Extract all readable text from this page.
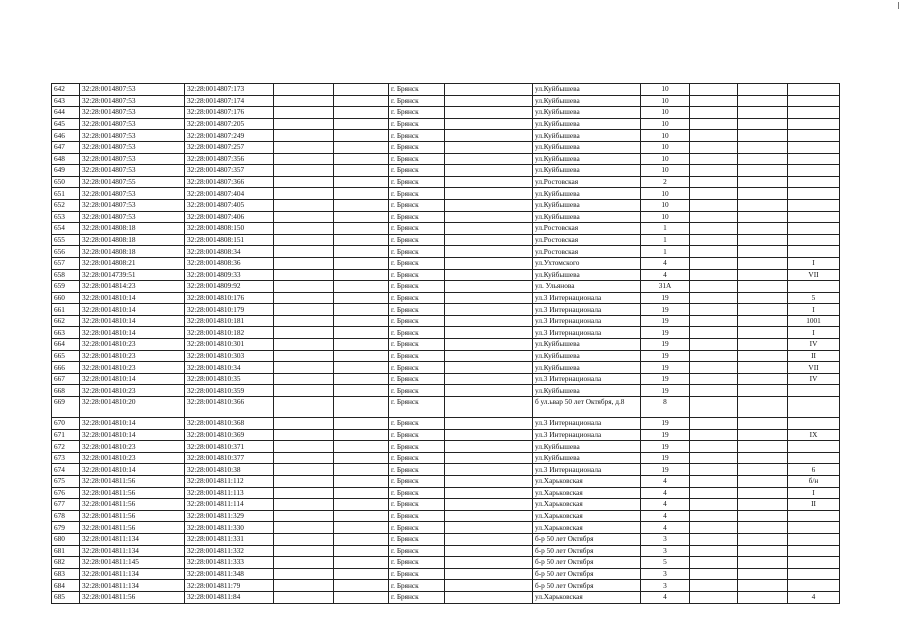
642	32:28:0014807:53	32:28:0014807:173			г. Брянск		ул.Куйбышева	10			
643	32:28:0014807:53	32:28:0014807:174			г. Брянск		ул.Куйбышева	10			
644	32:28:0014807:53	32:28:0014807:176			г. Брянск		ул.Куйбышева	10			
645	32:28:0014807:53	32:28:0014807:205			г. Брянск		ул.Куйбышева	10			
646	32:28:0014807:53	32:28:0014807:249			г. Брянск		ул.Куйбышева	10			
647	32:28:0014807:53	32:28:0014807:257			г. Брянск		ул.Куйбышева	10			
648	32:28:0014807:53	32:28:0014807:356			г. Брянск		ул.Куйбышева	10			
649	32:28:0014807:53	32:28:0014807:357			г. Брянск		ул.Куйбышева	10			
650	32:28:0014807:55	32:28:0014807:366			г. Брянск		ул.Ростовская	2			
651	32:28:0014807:53	32:28:0014807:404			г. Брянск		ул.Куйбышева	10			
652	32:28:0014807:53	32:28:0014807:405			г. Брянск		ул.Куйбышева	10			
653	32:28:0014807:53	32:28:0014807:406			г. Брянск		ул.Куйбышева	10			
654	32:28:0014808:18	32:28:0014808:150			г. Брянск		ул.Ростовская	1			
655	32:28:0014808:18	32:28:0014808:151			г. Брянск		ул.Ростовская	1			
656	32:28:0014808:18	32:28:0014808:34			г. Брянск		ул.Ростовская	1			
657	32:28:0014808:21	32:28:0014808:36			г. Брянск		ул.Ухтомского	4			I
658	32:28:0014739:51	32:28:0014809:33			г. Брянск		ул.Куйбышева	4			VII
659	32:28:0014814:23	32:28:0014809:92			г. Брянск		ул. Ульянова	31А			
660	32:28:0014810:14	32:28:0014810:176			г. Брянск		ул.3 Интернационала	19			5
661	32:28:0014810:14	32:28:0014810:179			г. Брянск		ул.3 Интернационала	19			I
662	32:28:0014810:14	32:28:0014810:181			г. Брянск		ул.3 Интернационала	19			1001
663	32:28:0014810:14	32:28:0014810:182			г. Брянск		ул.3 Интернационала	19			I
664	32:28:0014810:23	32:28:0014810:301			г. Брянск		ул.Куйбышева	19			IV
665	32:28:0014810:23	32:28:0014810:303			г. Брянск		ул.Куйбышева	19			II
666	32:28:0014810:23	32:28:0014810:34			г. Брянск		ул.Куйбышева	19			VII
667	32:28:0014810:14	32:28:0014810:35			г. Брянск		ул.3 Интернационала	19			IV
668	32:28:0014810:23	32:28:0014810:359			г. Брянск		ул.Куйбышева	19			
669	32:28:0014810:20	32:28:0014810:366			г. Брянск		б ул.ьвар 50 лет Октября, д.8	8			
670	32:28:0014810:14	32:28:0014810:368			г. Брянск		ул.3 Интернационала	19			
671	32:28:0014810:14	32:28:0014810:369			г. Брянск		ул.3 Интернационала	19			IX
672	32:28:0014810:23	32:28:0014810:371			г. Брянск		ул.Куйбышева	19			
673	32:28:0014810:23	32:28:0014810:377			г. Брянск		ул.Куйбышева	19			
674	32:28:0014810:14	32:28:0014810:38			г. Брянск		ул.3 Интернационала	19			6
675	32:28:0014811:56	32:28:0014811:112			г. Брянск		ул.Харьковская	4			б/н
676	32:28:0014811:56	32:28:0014811:113			г. Брянск		ул.Харьковская	4			I
677	32:28:0014811:56	32:28:0014811:114			г. Брянск		ул.Харьковская	4			II
678	32:28:0014811:56	32:28:0014811:329			г. Брянск		ул.Харьковская	4			
679	32:28:0014811:56	32:28:0014811:330			г. Брянск		ул.Харьковская	4			
680	32:28:0014811:134	32:28:0014811:331			г. Брянск		б-р 50 лет Октября	3			
681	32:28:0014811:134	32:28:0014811:332			г. Брянск		б-р 50 лет Октября	3			
682	32:28:0014811:145	32:28:0014811:333			г. Брянск		б-р 50 лет Октября	5			
683	32:28:0014811:134	32:28:0014811:348			г. Брянск		б-р 50 лет Октября	3			
684	32:28:0014811:134	32:28:0014811:79			г. Брянск		б-р 50 лет Октября	3			
685	32:28:0014811:56	32:28:0014811:84			г. Брянск		ул.Харьковская	4			4
